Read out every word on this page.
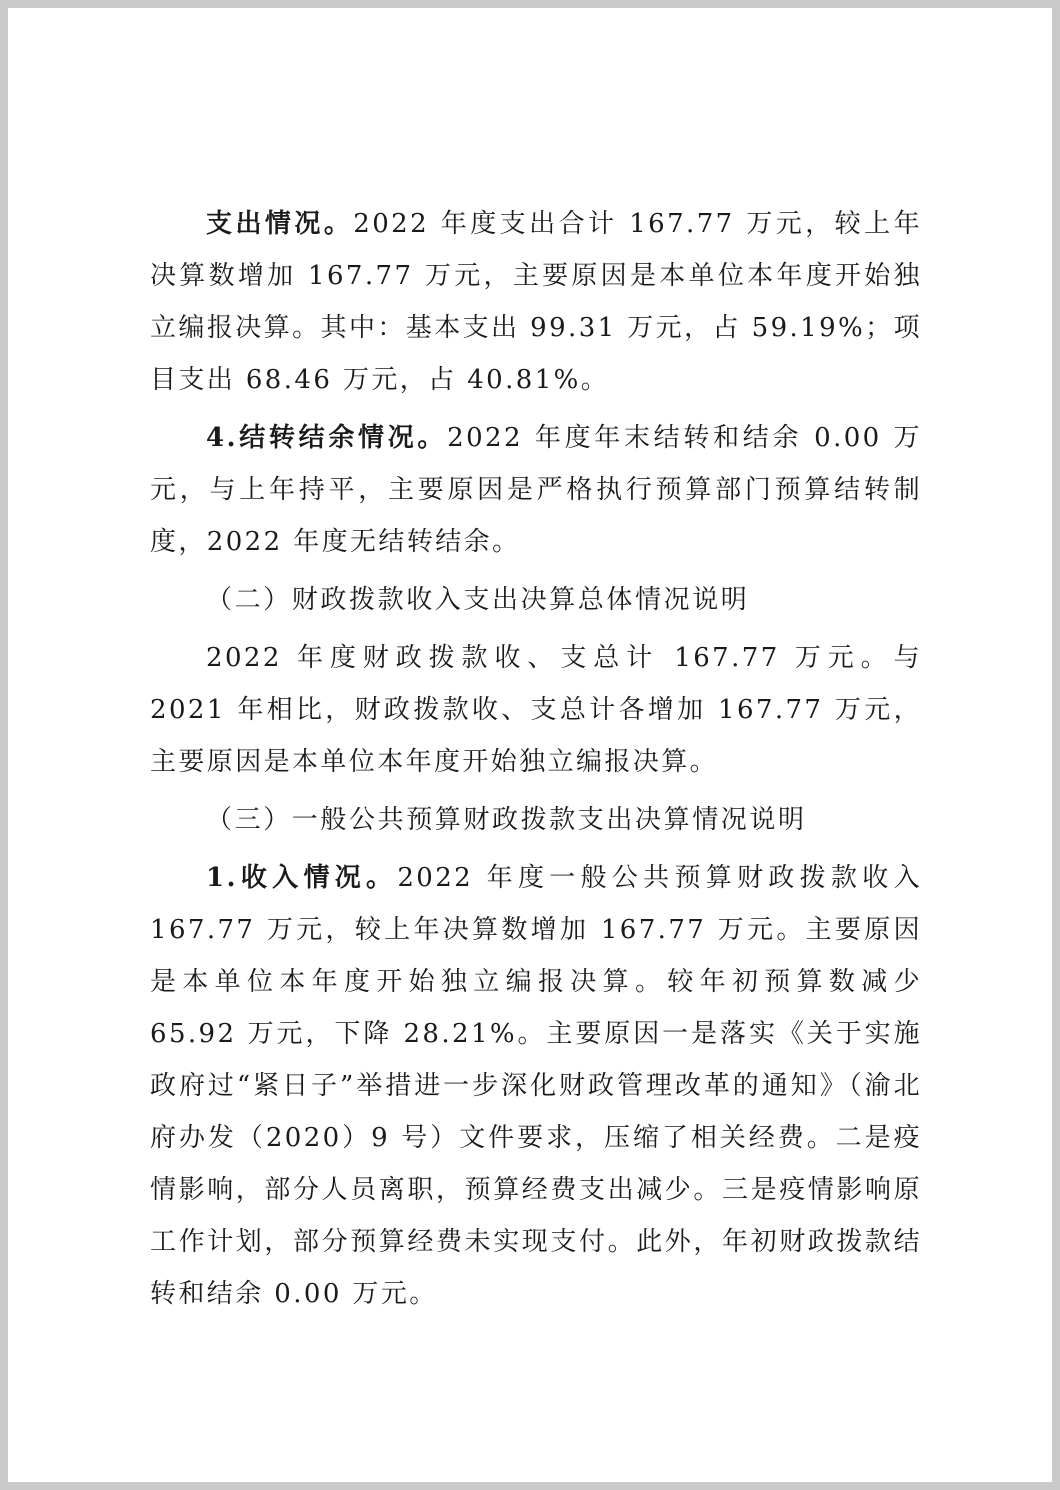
支出情况。2022 年度支出合计 167.77 万元，较上年决算数增加 167.77 万元，主要原因是本单位本年度开始独立编报决算。其中：基本支出 99.31 万元，占 59.19%；项目支出 68.46 万元，占 40.81%。

4.结转结余情况。2022 年度年末结转和结余 0.00 万元，与上年持平，主要原因是严格执行预算部门预算结转制度，2022 年度无结转结余。

（二）财政拨款收入支出决算总体情况说明

2022 年度财政拨款收、支总计 167.77 万元。与 2021 年相比，财政拨款收、支总计各增加 167.77 万元，主要原因是本单位本年度开始独立编报决算。

（三）一般公共预算财政拨款支出决算情况说明

1.收入情况。2022 年度一般公共预算财政拨款收入 167.77 万元，较上年决算数增加 167.77 万元。主要原因是本单位本年度开始独立编报决算。较年初预算数减少 65.92 万元，下降 28.21%。主要原因一是落实《关于实施政府过“紧日子”举措进一步深化财政管理改革的通知》（渝北府办发（2020）9 号）文件要求，压缩了相关经费。二是疫情影响，部分人员离职，预算经费支出减少。三是疫情影响原工作计划，部分预算经费未实现支付。此外，年初财政拨款结转和结余 0.00 万元。
